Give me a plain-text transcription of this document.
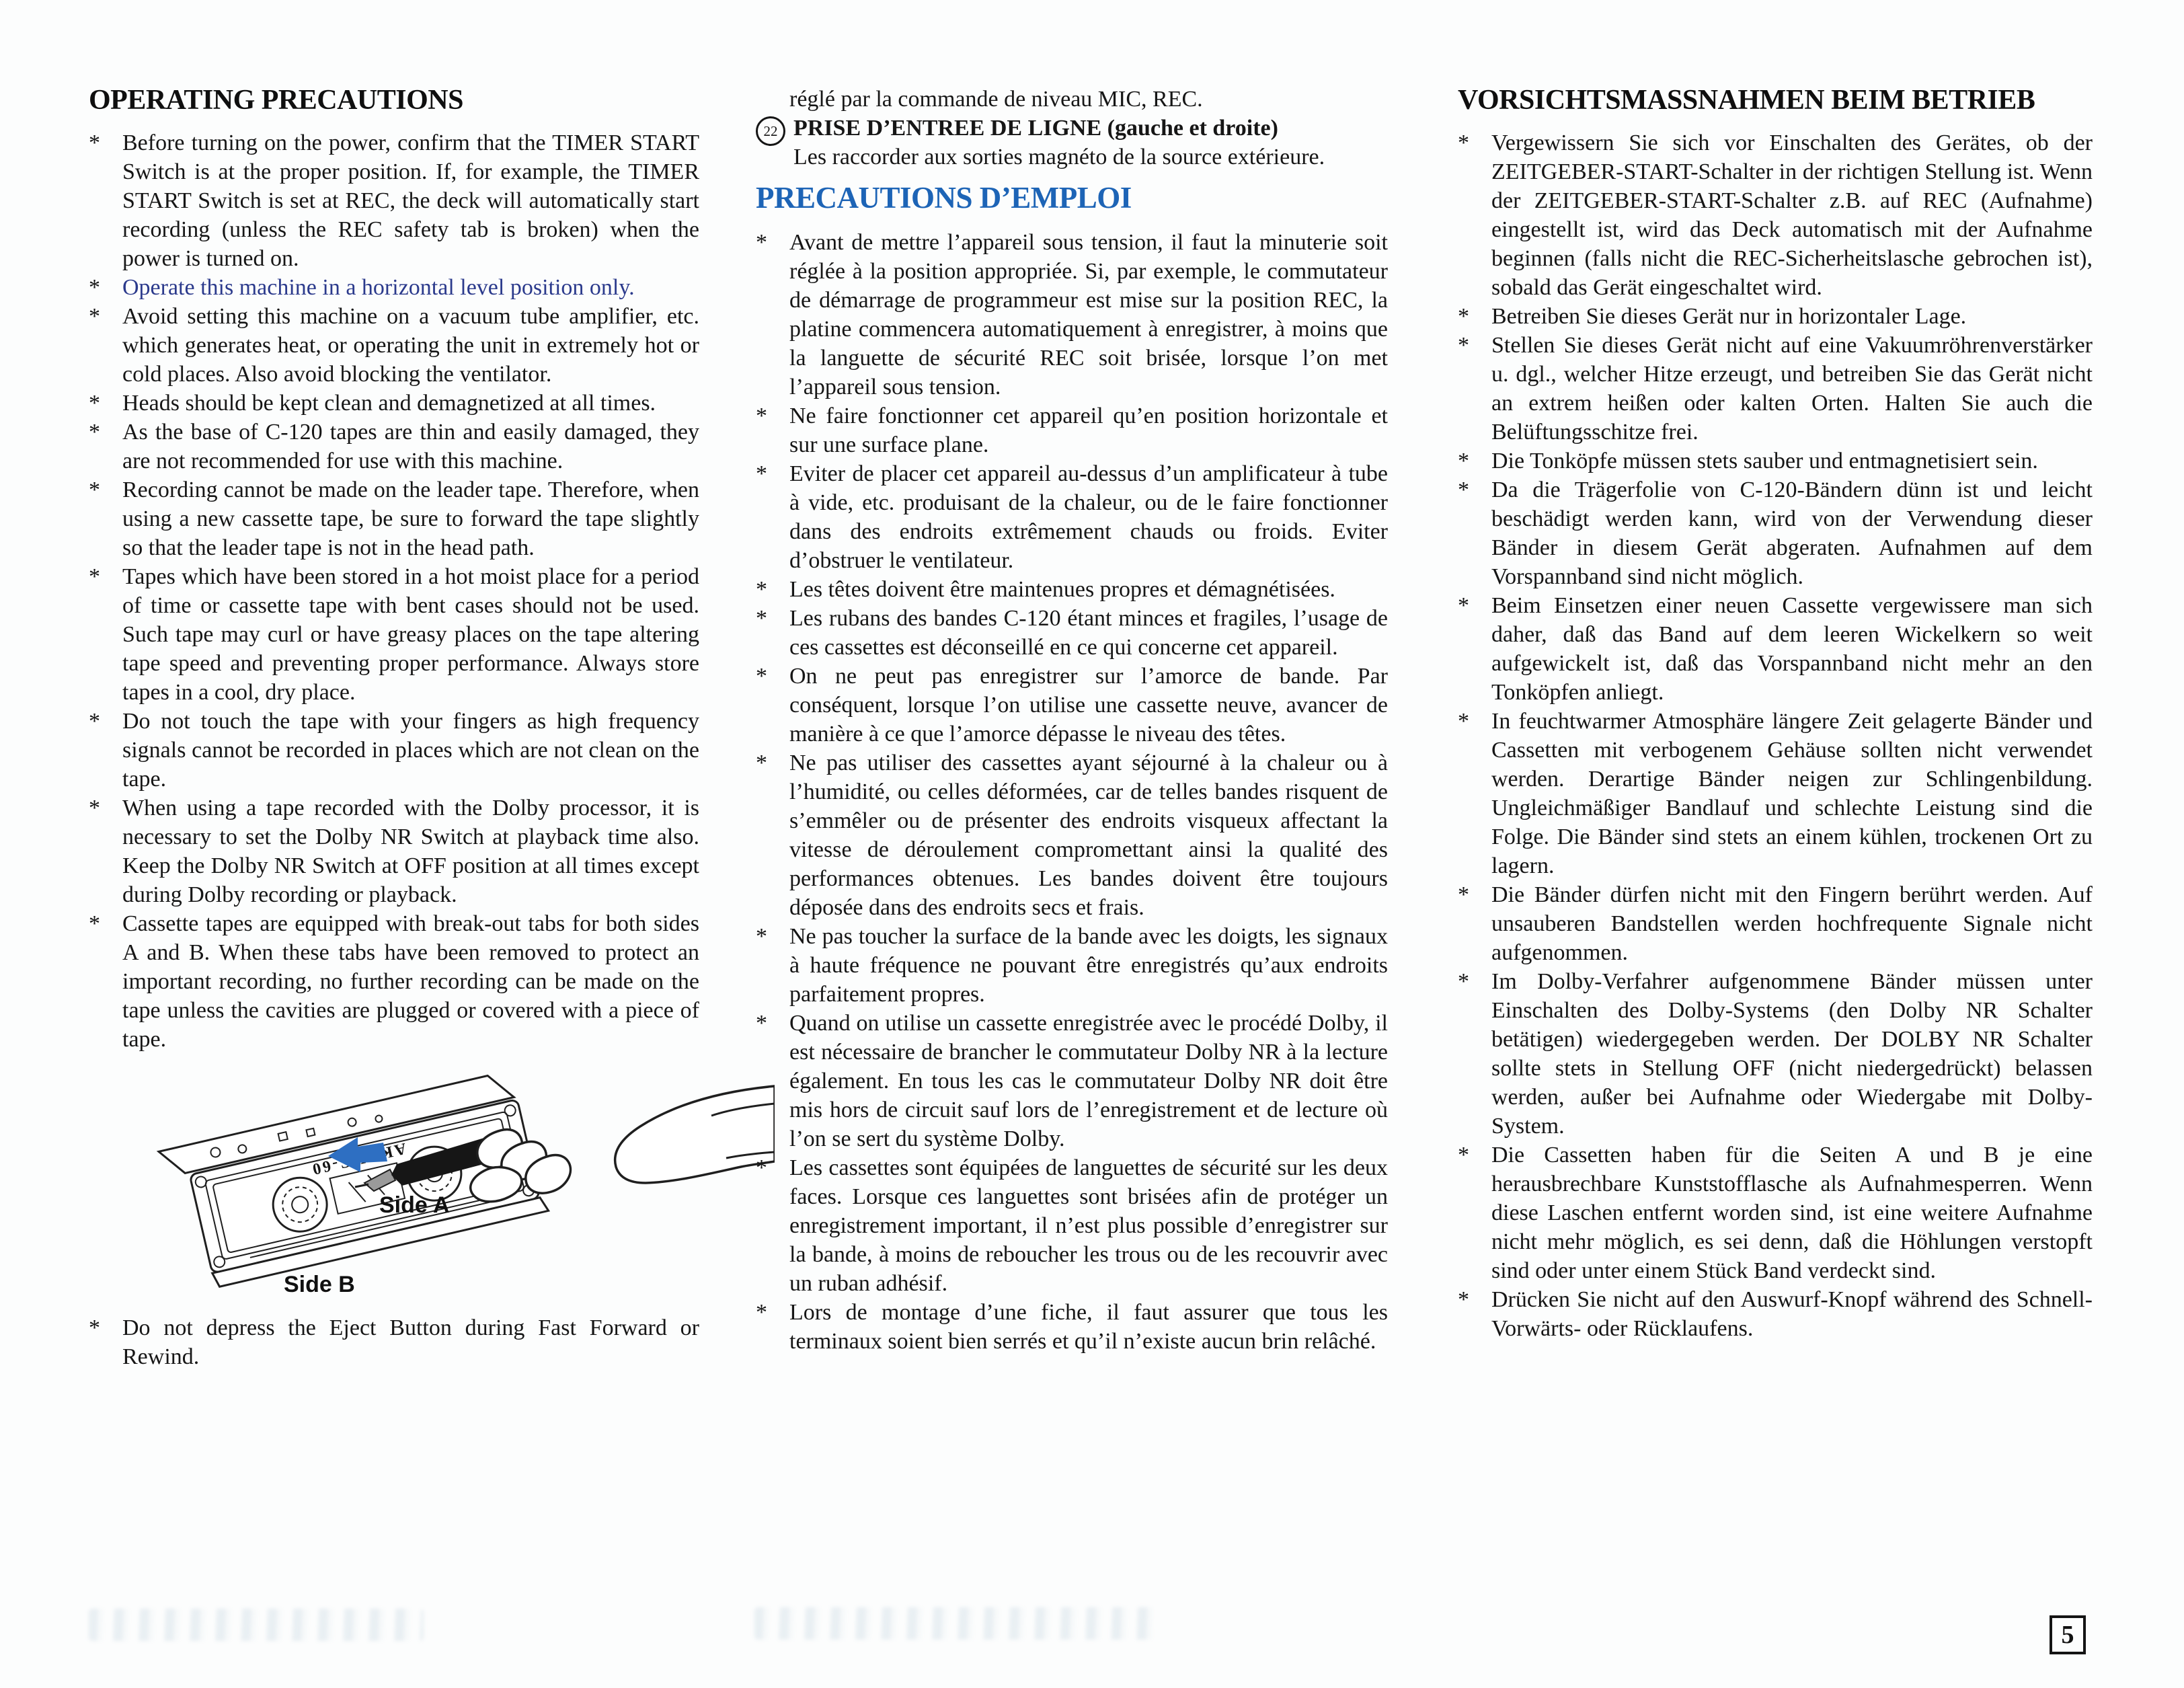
OPERATING PRECAUTIONS
* Before turning on the power, confirm that the TIMER START Switch is at the proper position. If, for example, the TIMER START Switch is set at REC, the deck will automatically start recording (unless the REC safety tab is broken) when the power is turned on.

* Operate this machine in a horizontal level position only.

* Avoid setting this machine on a vacuum tube amplifier, etc. which generates heat, or operating the unit in extremely hot or cold places. Also avoid blocking the ventilator.

* Heads should be kept clean and demagnetized at all times.

* As the base of C-120 tapes are thin and easily damaged, they are not recommended for use with this machine.

* Recording cannot be made on the leader tape. Therefore, when using a new cassette tape, be sure to forward the tape slightly so that the leader tape is not in the head path.

* Tapes which have been stored in a hot moist place for a period of time or cassette tape with bent cases should not be used. Such tape may curl or have greasy places on the tape altering tape speed and preventing proper performance. Always store tapes in a cool, dry place.

* Do not touch the tape with your fingers as high frequency signals cannot be recorded in places which are not clean on the tape.

* When using a tape recorded with the Dolby processor, it is necessary to set the Dolby NR Switch at playback time also. Keep the Dolby NR Switch at OFF position at all times except during Dolby recording or playback.

* Cassette tapes are equipped with break-out tabs for both sides A and B. When these tabs have been removed to protect an important recording, no further recording can be made on the tape unless the cavities are plugged or covered with a piece of tape.

C-60
Side A
Side B
* Do not depress the Eject Button during Fast Forward or Rewind.

réglé par la commande de niveau MIC, REC.

22 PRISE D’ENTREE DE LIGNE (gauche et droite)
Les raccorder aux sorties magnéto de la source extérieure.

PRECAUTIONS D’EMPLOI
* Avant de mettre l’appareil sous tension, il faut la minuterie soit réglée à la position appropriée. Si, par exemple, le commutateur de démarrage de programmeur est mise sur la position REC, la platine commencera automatiquement à enregistrer, à moins que la languette de sécurité REC soit brisée, lorsque l’on met l’appareil sous tension.

* Ne faire fonctionner cet appareil qu’en position horizontale et sur une surface plane.

* Eviter de placer cet appareil au-dessus d’un amplificateur à tube à vide, etc. produisant de la chaleur, ou de le faire fonctionner dans des endroits extrêmement chauds ou froids. Eviter d’obstruer le ventilateur.

* Les têtes doivent être maintenues propres et démagnétisées.

* Les rubans des bandes C-120 étant minces et fragiles, l’usage de ces cassettes est déconseillé en ce qui concerne cet appareil.

* On ne peut pas enregistrer sur l’amorce de bande. Par conséquent, lorsque l’on utilise une cassette neuve, avancer de manière à ce que l’amorce dépasse le niveau des têtes.

* Ne pas utiliser des cassettes ayant séjourné à la chaleur ou à l’humidité, ou celles déformées, car de telles bandes risquent de s’emmêler ou de présenter des endroits visqueux affectant la vitesse de déroulement compromettant ainsi la qualité des performances obtenues. Les bandes doivent être toujours déposée dans des endroits secs et frais.

* Ne pas toucher la surface de la bande avec les doigts, les signaux à haute fréquence ne pouvant être enregistrés qu’aux endroits parfaitement propres.

* Quand on utilise un cassette enregistrée avec le procédé Dolby, il est nécessaire de brancher le commutateur Dolby NR à la lecture également. En tous les cas le commutateur Dolby NR doit être mis hors de circuit sauf lors de l’enregistrement et de lecture où l’on se sert du système Dolby.

* Les cassettes sont équipées de languettes de sécurité sur les deux faces. Lorsque ces languettes sont brisées afin de protéger un enregistrement important, il n’est plus possible d’enregistrer sur la bande, à moins de reboucher les trous ou de les recouvrir avec un ruban adhésif.

* Lors de montage d’une fiche, il faut assurer que tous les terminaux soient bien serrés et qu’il n’existe aucun brin relâché.

VORSICHTSMASSNAHMEN BEIM BETRIEB
* Vergewissern Sie sich vor Einschalten des Gerätes, ob der ZEITGEBER-START-Schalter in der richtigen Stellung ist. Wenn der ZEITGEBER-START-Schalter z.B. auf REC (Aufnahme) eingestellt ist, wird das Deck automatisch mit der Aufnahme beginnen (falls nicht die REC-Sicherheitslasche gebrochen ist), sobald das Gerät eingeschaltet wird.

* Betreiben Sie dieses Gerät nur in horizontaler Lage.

* Stellen Sie dieses Gerät nicht auf eine Vakuumröhrenverstärker u. dgl., welcher Hitze erzeugt, und betreiben Sie das Gerät nicht an extrem heißen oder kalten Orten. Halten Sie auch die Belüftungsschitze frei.

* Die Tonköpfe müssen stets sauber und entmagnetisiert sein.

* Da die Trägerfolie von C-120-Bändern dünn ist und leicht beschädigt werden kann, wird von der Verwendung dieser Bänder in diesem Gerät abgeraten. Aufnahmen auf dem Vorspannband sind nicht möglich.

* Beim Einsetzen einer neuen Cassette vergewissere man sich daher, daß das Band auf dem leeren Wickelkern so weit aufgewickelt ist, daß das Vorspannband nicht mehr an den Tonköpfen anliegt.

* In feuchtwarmer Atmosphäre längere Zeit gelagerte Bänder und Cassetten mit verbogenem Gehäuse sollten nicht verwendet werden. Derartige Bänder neigen zur Schlingenbildung. Ungleichmäßiger Bandlauf und schlechte Leistung sind die Folge. Die Bänder sind stets an einem kühlen, trockenen Ort zu lagern.

* Die Bänder dürfen nicht mit den Fingern berührt werden. Auf unsauberen Bandstellen werden hochfrequente Signale nicht aufgenommen.

* Im Dolby-Verfahrer aufgenommene Bänder müssen unter Einschalten des Dolby-Systems (den Dolby NR Schalter betätigen) wiedergegeben werden. Der DOLBY NR Schalter sollte stets in Stellung OFF (nicht niedergedrückt) belassen werden, außer bei Aufnahme oder Wiedergabe mit Dolby-System.

* Die Cassetten haben für die Seiten A und B je eine herausbrechbare Kunststofflasche als Aufnahmesperren. Wenn diese Laschen entfernt worden sind, ist eine weitere Aufnahme nicht mehr möglich, es sei denn, daß die Höhlungen verstopft sind oder unter einem Stück Band verdeckt sind.

* Drücken Sie nicht auf den Auswurf-Knopf während des Schnell-Vorwärts- oder Rücklaufens.

5
